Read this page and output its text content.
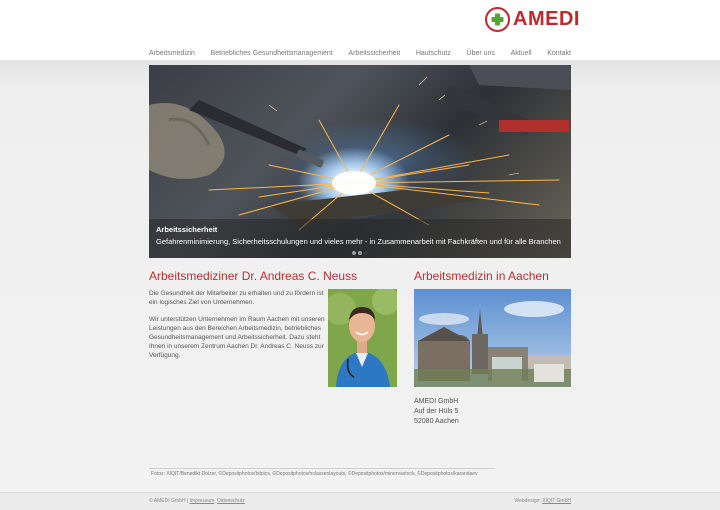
AMEDI
Arbeitsmedizin Betriebliches Gesundheitsmanagement Arbeitssicherheit Hautschutz Über uns Aktuell Kontakt
Arbeitssicherheit
Gefahrenminimierung, Sicherheitsschulungen und vieles mehr - in Zusammenarbeit mit Fachkräften und für alle Branchen
Arbeitsmediziner Dr. Andreas C. Neuss
Die Gesundheit der Mitarbeiter zu erhalten und zu fördern ist ein logisches Ziel von Unternehmen.
Wir unterstützen Unternehmen im Raum Aachen mit unseren Leistungen aus den Bereichen Arbeitsmedizin, betriebliches Gesundheitsmanagement und Arbeitssicherheit. Dazu steht Ihnen in unserem Zentrum Aachen Dr. Andreas C. Neuss zur Verfügung.
Arbeitsmedizin in Aachen
AMEDI GmbH
Auf der Hüls 5
52080 Aachen
Fotos: XIQIT/Benedikt Dolzer, ©Depositphotos/bitpics, ©Depositphotos/nclassenlayouts, ©Depositphotos/minervastock, ©Depositphotos/karandaev
© AMEDI GmbH | Impressum, Datenschutz	Webdesign: XIQIT GmbH
